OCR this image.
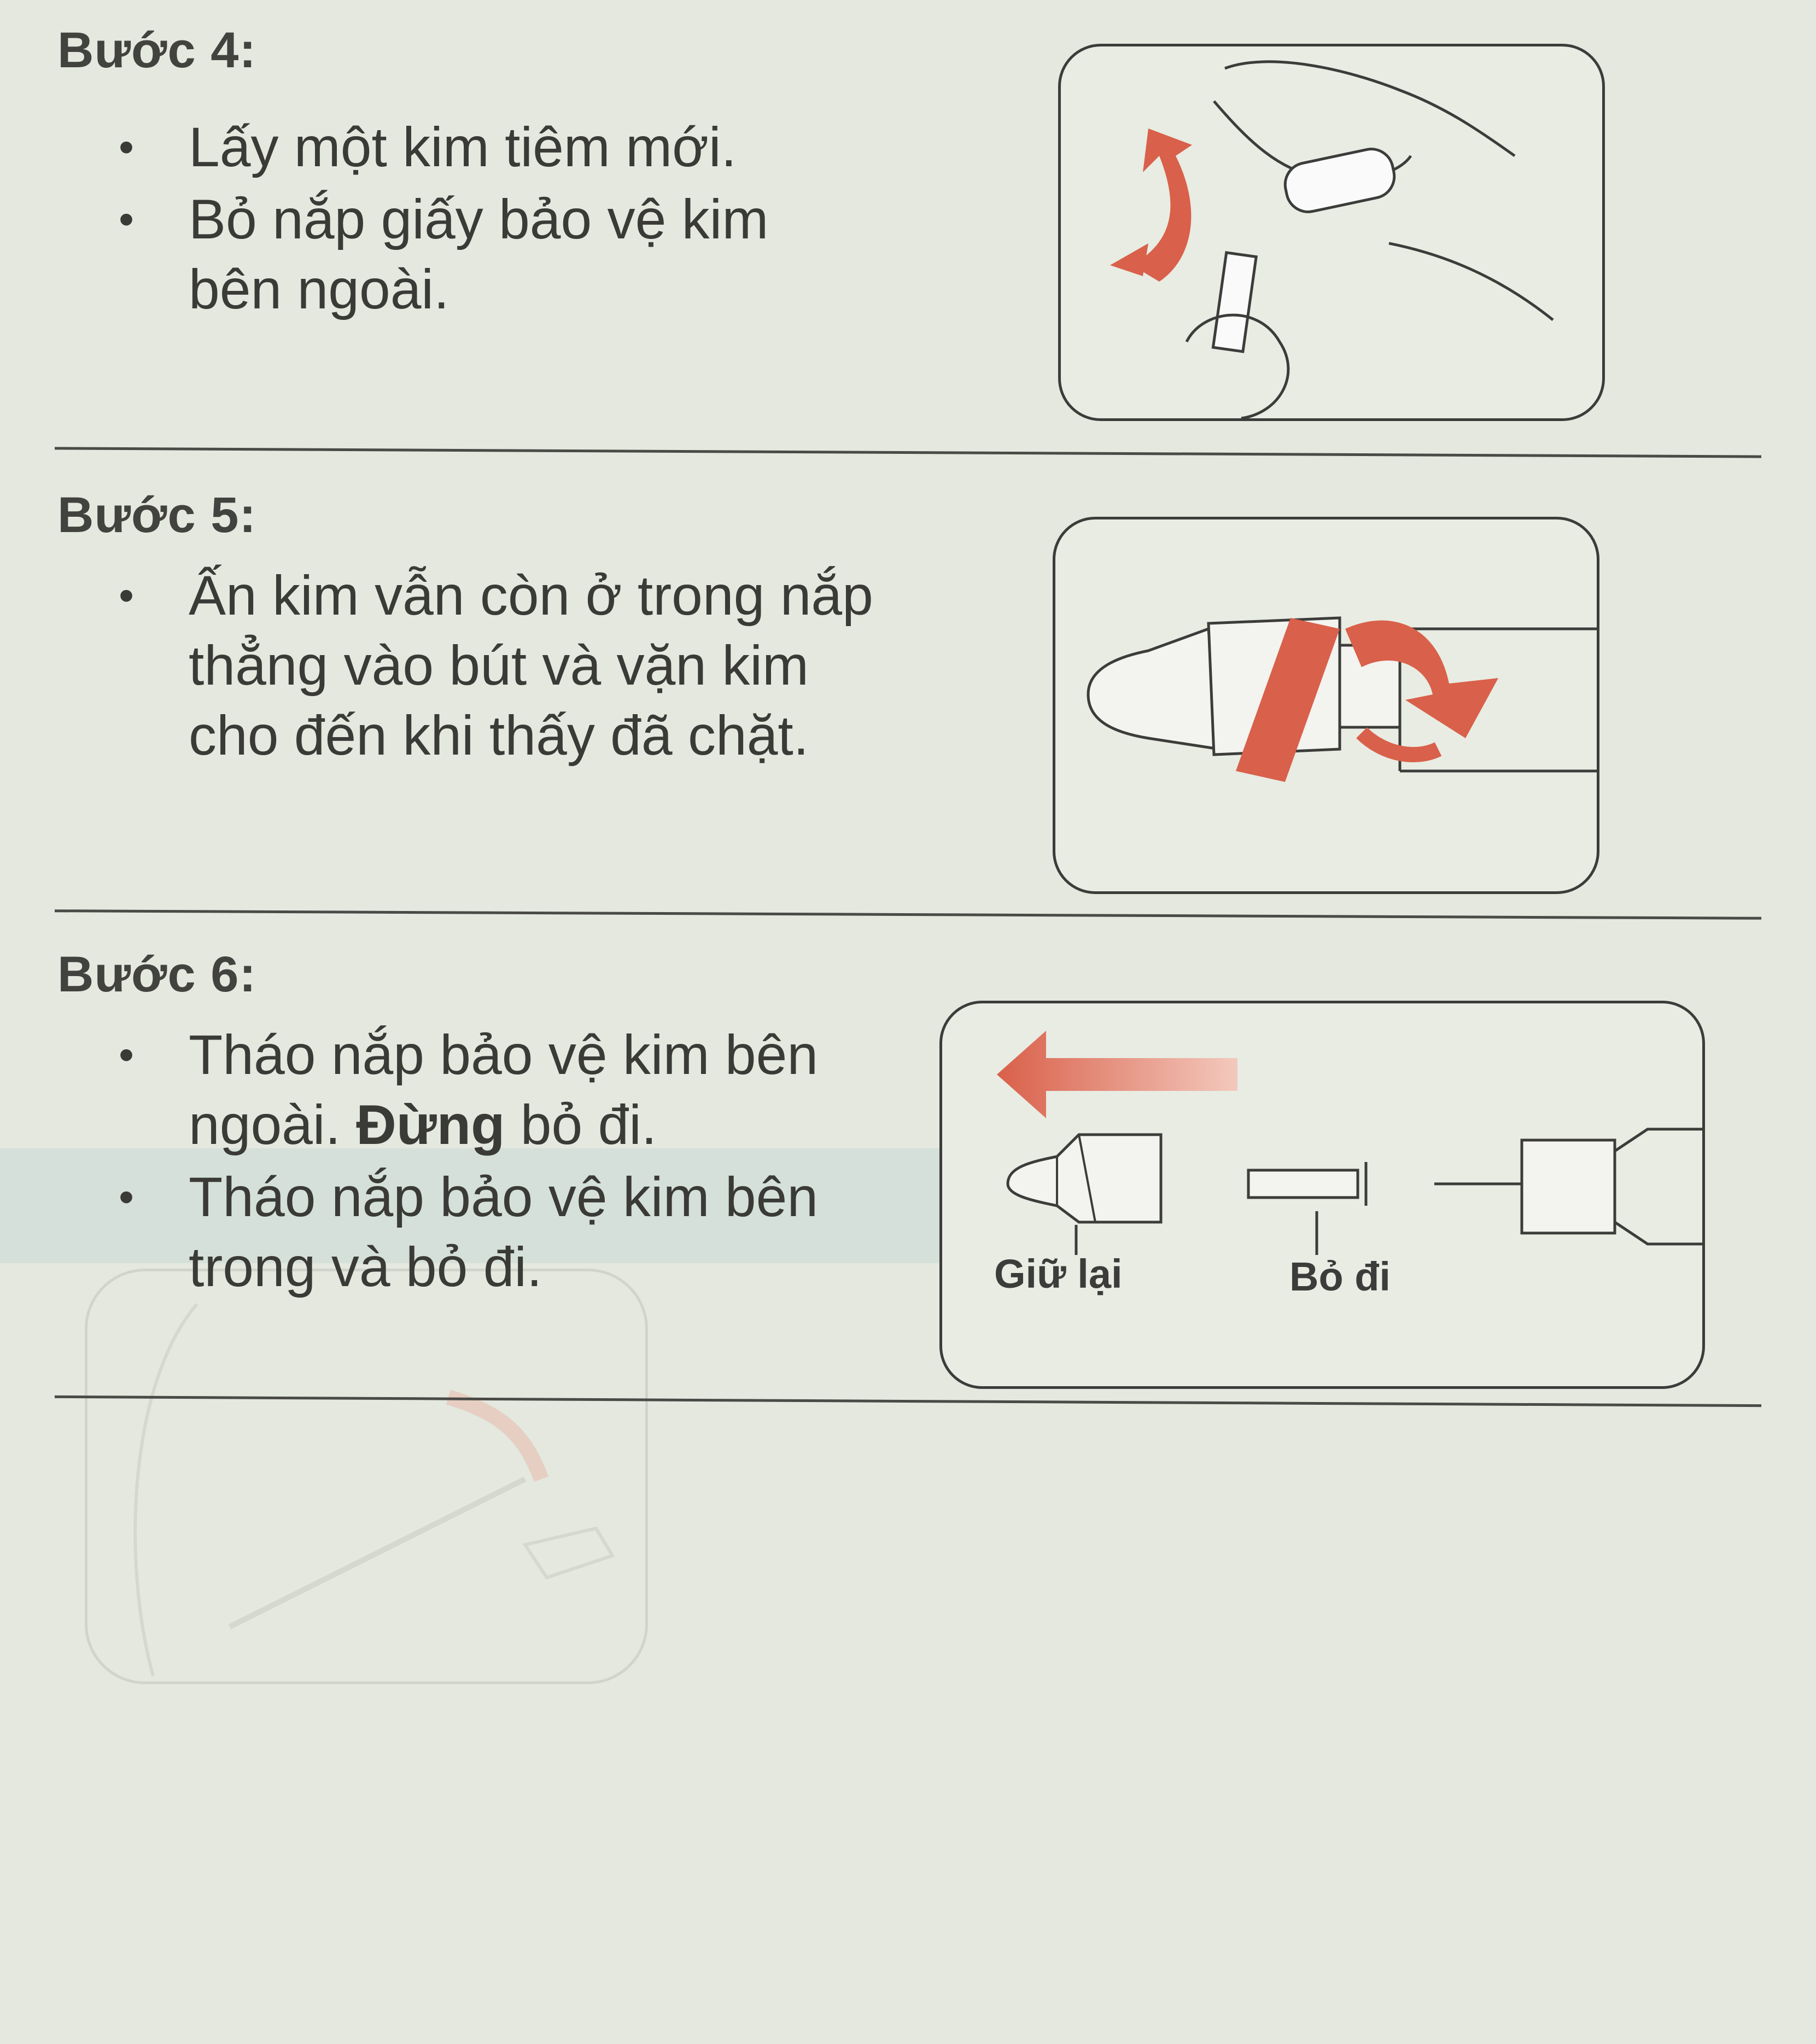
Bước 4:
• Lấy một kim tiêm mới.
• Bỏ nắp giấy bảo vệ kim bên ngoài.
Bước 5:
• Ấn kim vẫn còn ở trong nắp thẳng vào bút và vặn kim cho đến khi thấy đã chặt.
Bước 6:
• Tháo nắp bảo vệ kim bên ngoài. Đừng bỏ đi.
• Tháo nắp bảo vệ kim bên trong và bỏ đi.	Giữ lại	Bỏ đi
